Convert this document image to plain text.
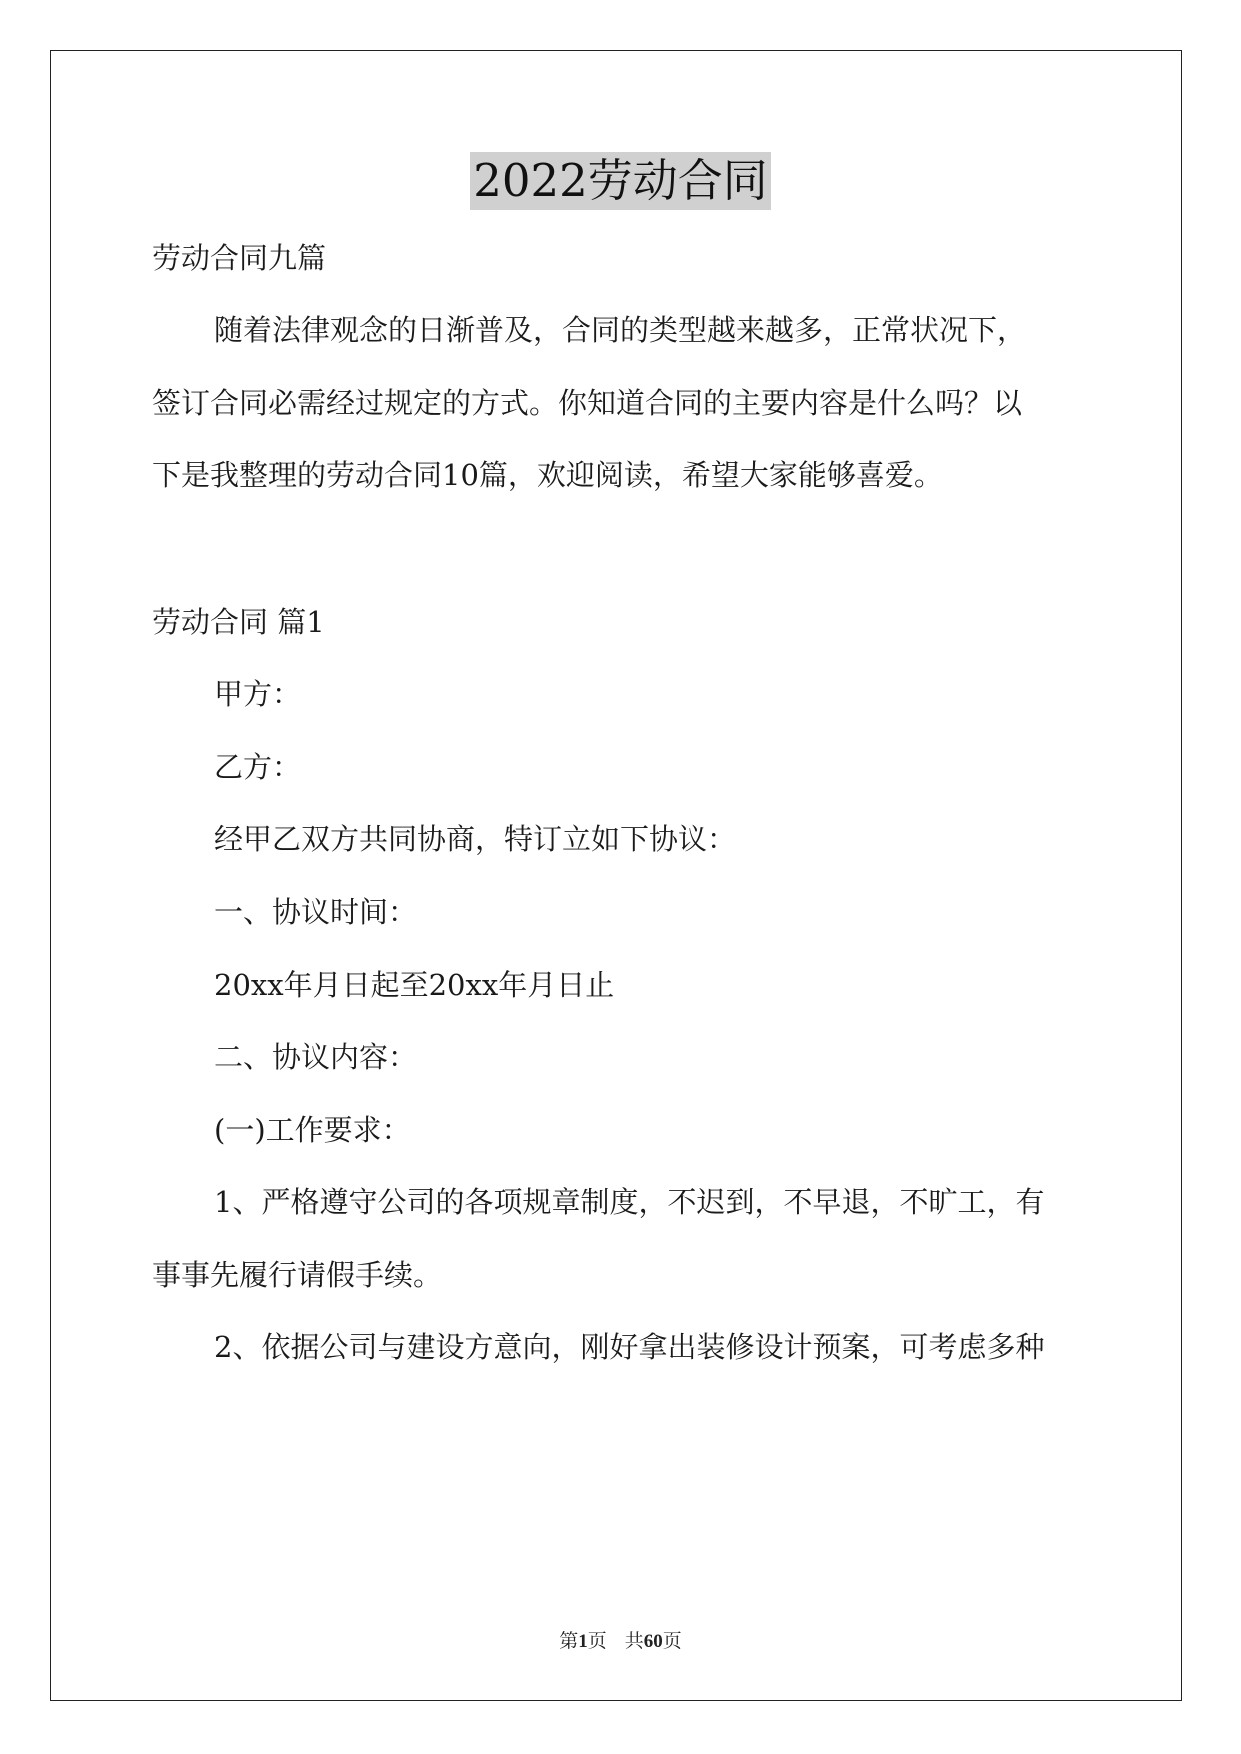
2022劳动合同

劳动合同九篇

随着法律观念的日渐普及，合同的类型越来越多，正常状况下，

签订合同必需经过规定的方式。你知道合同的主要内容是什么吗？以

下是我整理的劳动合同10篇，欢迎阅读，希望大家能够喜爱。

劳动合同 篇1

甲方：

乙方：

经甲乙双方共同协商，特订立如下协议：

一、协议时间：

20xx年月日起至20xx年月日止

二、协议内容：

(一)工作要求：

1、严格遵守公司的各项规章制度，不迟到，不早退，不旷工，有

事事先履行请假手续。

2、依据公司与建设方意向，刚好拿出装修设计预案，可考虑多种

第1页 共60页
